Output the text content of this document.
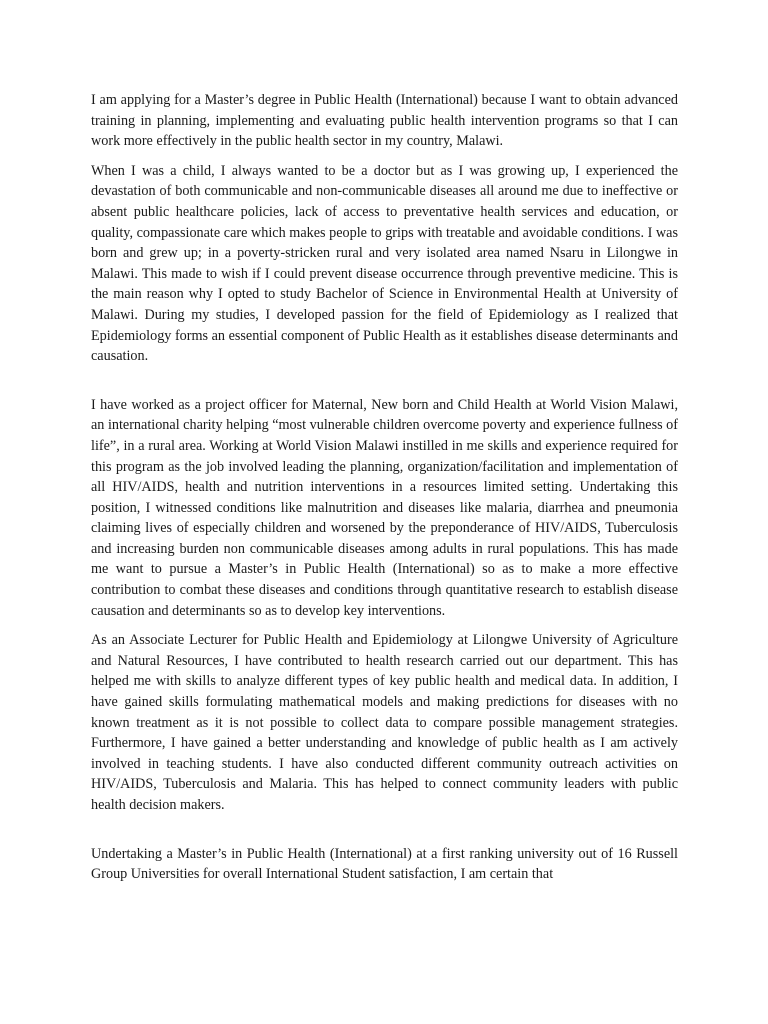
I am applying for a Master’s degree in Public Health (International) because I want to obtain advanced training in planning, implementing and evaluating public health intervention programs so that I can work more effectively in the public health sector in my country, Malawi.

When I was a child, I always wanted to be a doctor but as I was growing up, I experienced the devastation of both communicable and non-communicable diseases all around me due to ineffective or absent public healthcare policies, lack of access to preventative health services and education, or quality, compassionate care which makes people to grips with treatable and avoidable conditions. I was born and grew up; in a poverty-stricken rural and very isolated area named Nsaru in Lilongwe in Malawi. This made to wish if I could prevent disease occurrence through preventive medicine. This is the main reason why I opted to study Bachelor of Science in Environmental Health at University of Malawi. During my studies, I developed passion for the field of Epidemiology as I realized that Epidemiology forms an essential component of Public Health as it establishes disease determinants and causation.

I have worked as a project officer for Maternal, New born and Child Health at World Vision Malawi, an international charity helping “most vulnerable children overcome poverty and experience fullness of life”, in a rural area. Working at World Vision Malawi instilled in me skills and experience required for this program as the job involved leading the planning, organization/facilitation and implementation of all HIV/AIDS, health and nutrition interventions in a resources limited setting. Undertaking this position, I witnessed conditions like malnutrition and diseases like malaria, diarrhea and pneumonia claiming lives of especially children and worsened by the preponderance of HIV/AIDS, Tuberculosis and increasing burden non communicable diseases among adults in rural populations. This has made me want to pursue a Master’s in Public Health (International) so as to make a more effective contribution to combat these diseases and conditions through quantitative research to establish disease causation and determinants so as to develop key interventions.

As an Associate Lecturer for Public Health and Epidemiology at Lilongwe University of Agriculture and Natural Resources, I have contributed to health research carried out our department. This has helped me with skills to analyze different types of key public health and medical data. In addition, I have gained skills formulating mathematical models and making predictions for diseases with no known treatment as it is not possible to collect data to compare possible management strategies. Furthermore, I have gained a better understanding and knowledge of public health as I am actively involved in teaching students. I have also conducted different community outreach activities on HIV/AIDS, Tuberculosis and Malaria. This has helped to connect community leaders with public health decision makers.

Undertaking a Master’s in Public Health (International) at a first ranking university out of 16 Russell Group Universities for overall International Student satisfaction, I am certain that
